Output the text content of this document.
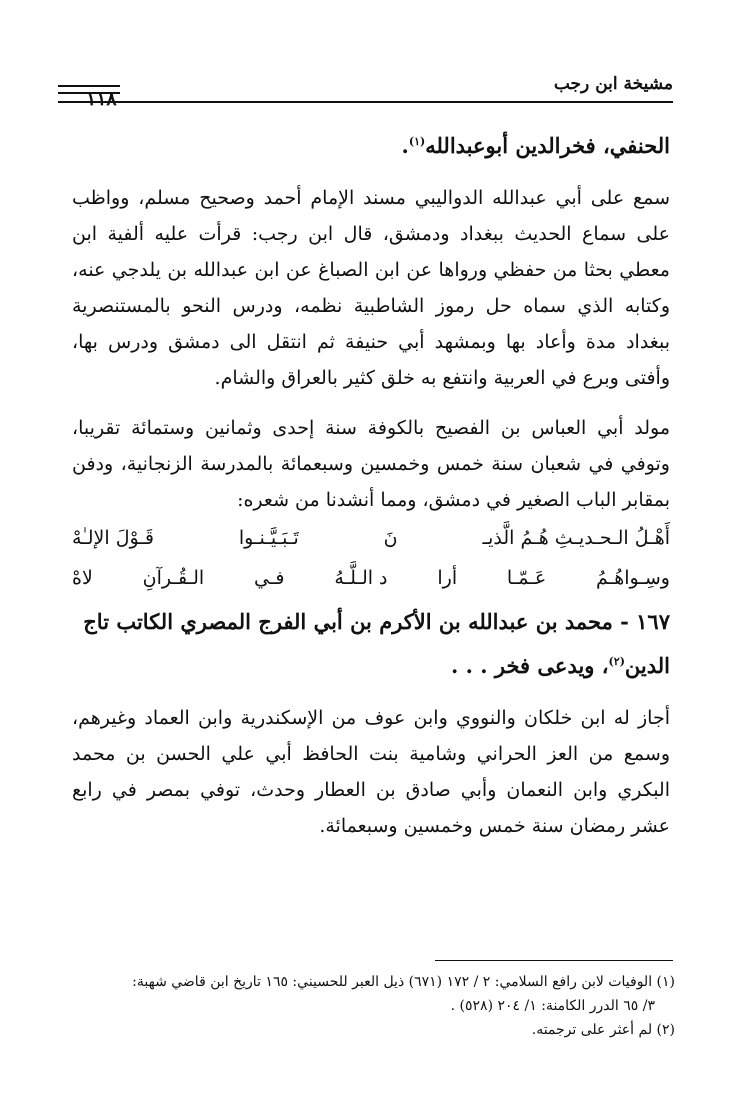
مشيخة ابن رجب
١١٨
الحنفي، فخرالدين أبوعبدالله$^{(١)}$.

سمع على أبي عبدالله الدواليبي مسند الإمام أحمد وصحيح مسلم، وواظب على سماع الحديث ببغداد ودمشق، قال ابن رجب: قرأت عليه ألفية ابن معطي بحثا من حفظي ورواها عن ابن الصباغ عن ابن عبدالله بن يلدجي عنه، وكتابه الذي سماه حل رموز الشاطبية نظمه، ودرس النحو بالمستنصرية ببغداد مدة وأعاد بها وبمشهد أبي حنيفة ثم انتقل الى دمشق ودرس بها، وأفتى وبرع في العربية وانتفع به خلق كثير بالعراق والشام.

مولد أبي العباس بن الفصيح بالكوفة سنة إحدى وثمانين وستمائة تقريبا، وتوفي في شعبان سنة خمس وخمسين وسبعمائة بالمدرسة الزنجانية، ودفن بمقابر الباب الصغير في دمشق، ومما أنشدنا من شعره:

أَهْـلُ الـحـديـثِ هُـمُ الَّذيـ
نَ
تَـبَـيَّـنـوا
قَـوْلَ الإلـٰهْ
وسِـواهُـمُ
عَـمّـا
أرا
د الـلَّـهُ
فـي
الـقُـرآنِ
لاهْ
١٦٧ - محمد بن عبدالله بن الأكرم بن أبي الفرج المصري الكاتب تاج الدين$^{(٢)}$، ويدعى فخر . . .

أجاز له ابن خلكان والنووي وابن عوف من الإسكندرية وابن العماد وغيرهم، وسمع من العز الحراني وشامية بنت الحافظ أبي علي الحسن بن محمد البكري وابن النعمان وأبي صادق بن العطار وحدث، توفي بمصر في رابع عشر رمضان سنة خمس وخمسين وسبعمائة.

(١) الوفيات لابن رافع السلامي: ٢ / ١٧٢ (٦٧١) ذيل العبر للحسيني: ١٦٥ تاريخ ابن قاضي شهبة:
٣/ ٦٥ الدرر الكامنة: ١/ ٢٠٤ (٥٢٨) .
(٢) لم أعثر على ترجمته.
